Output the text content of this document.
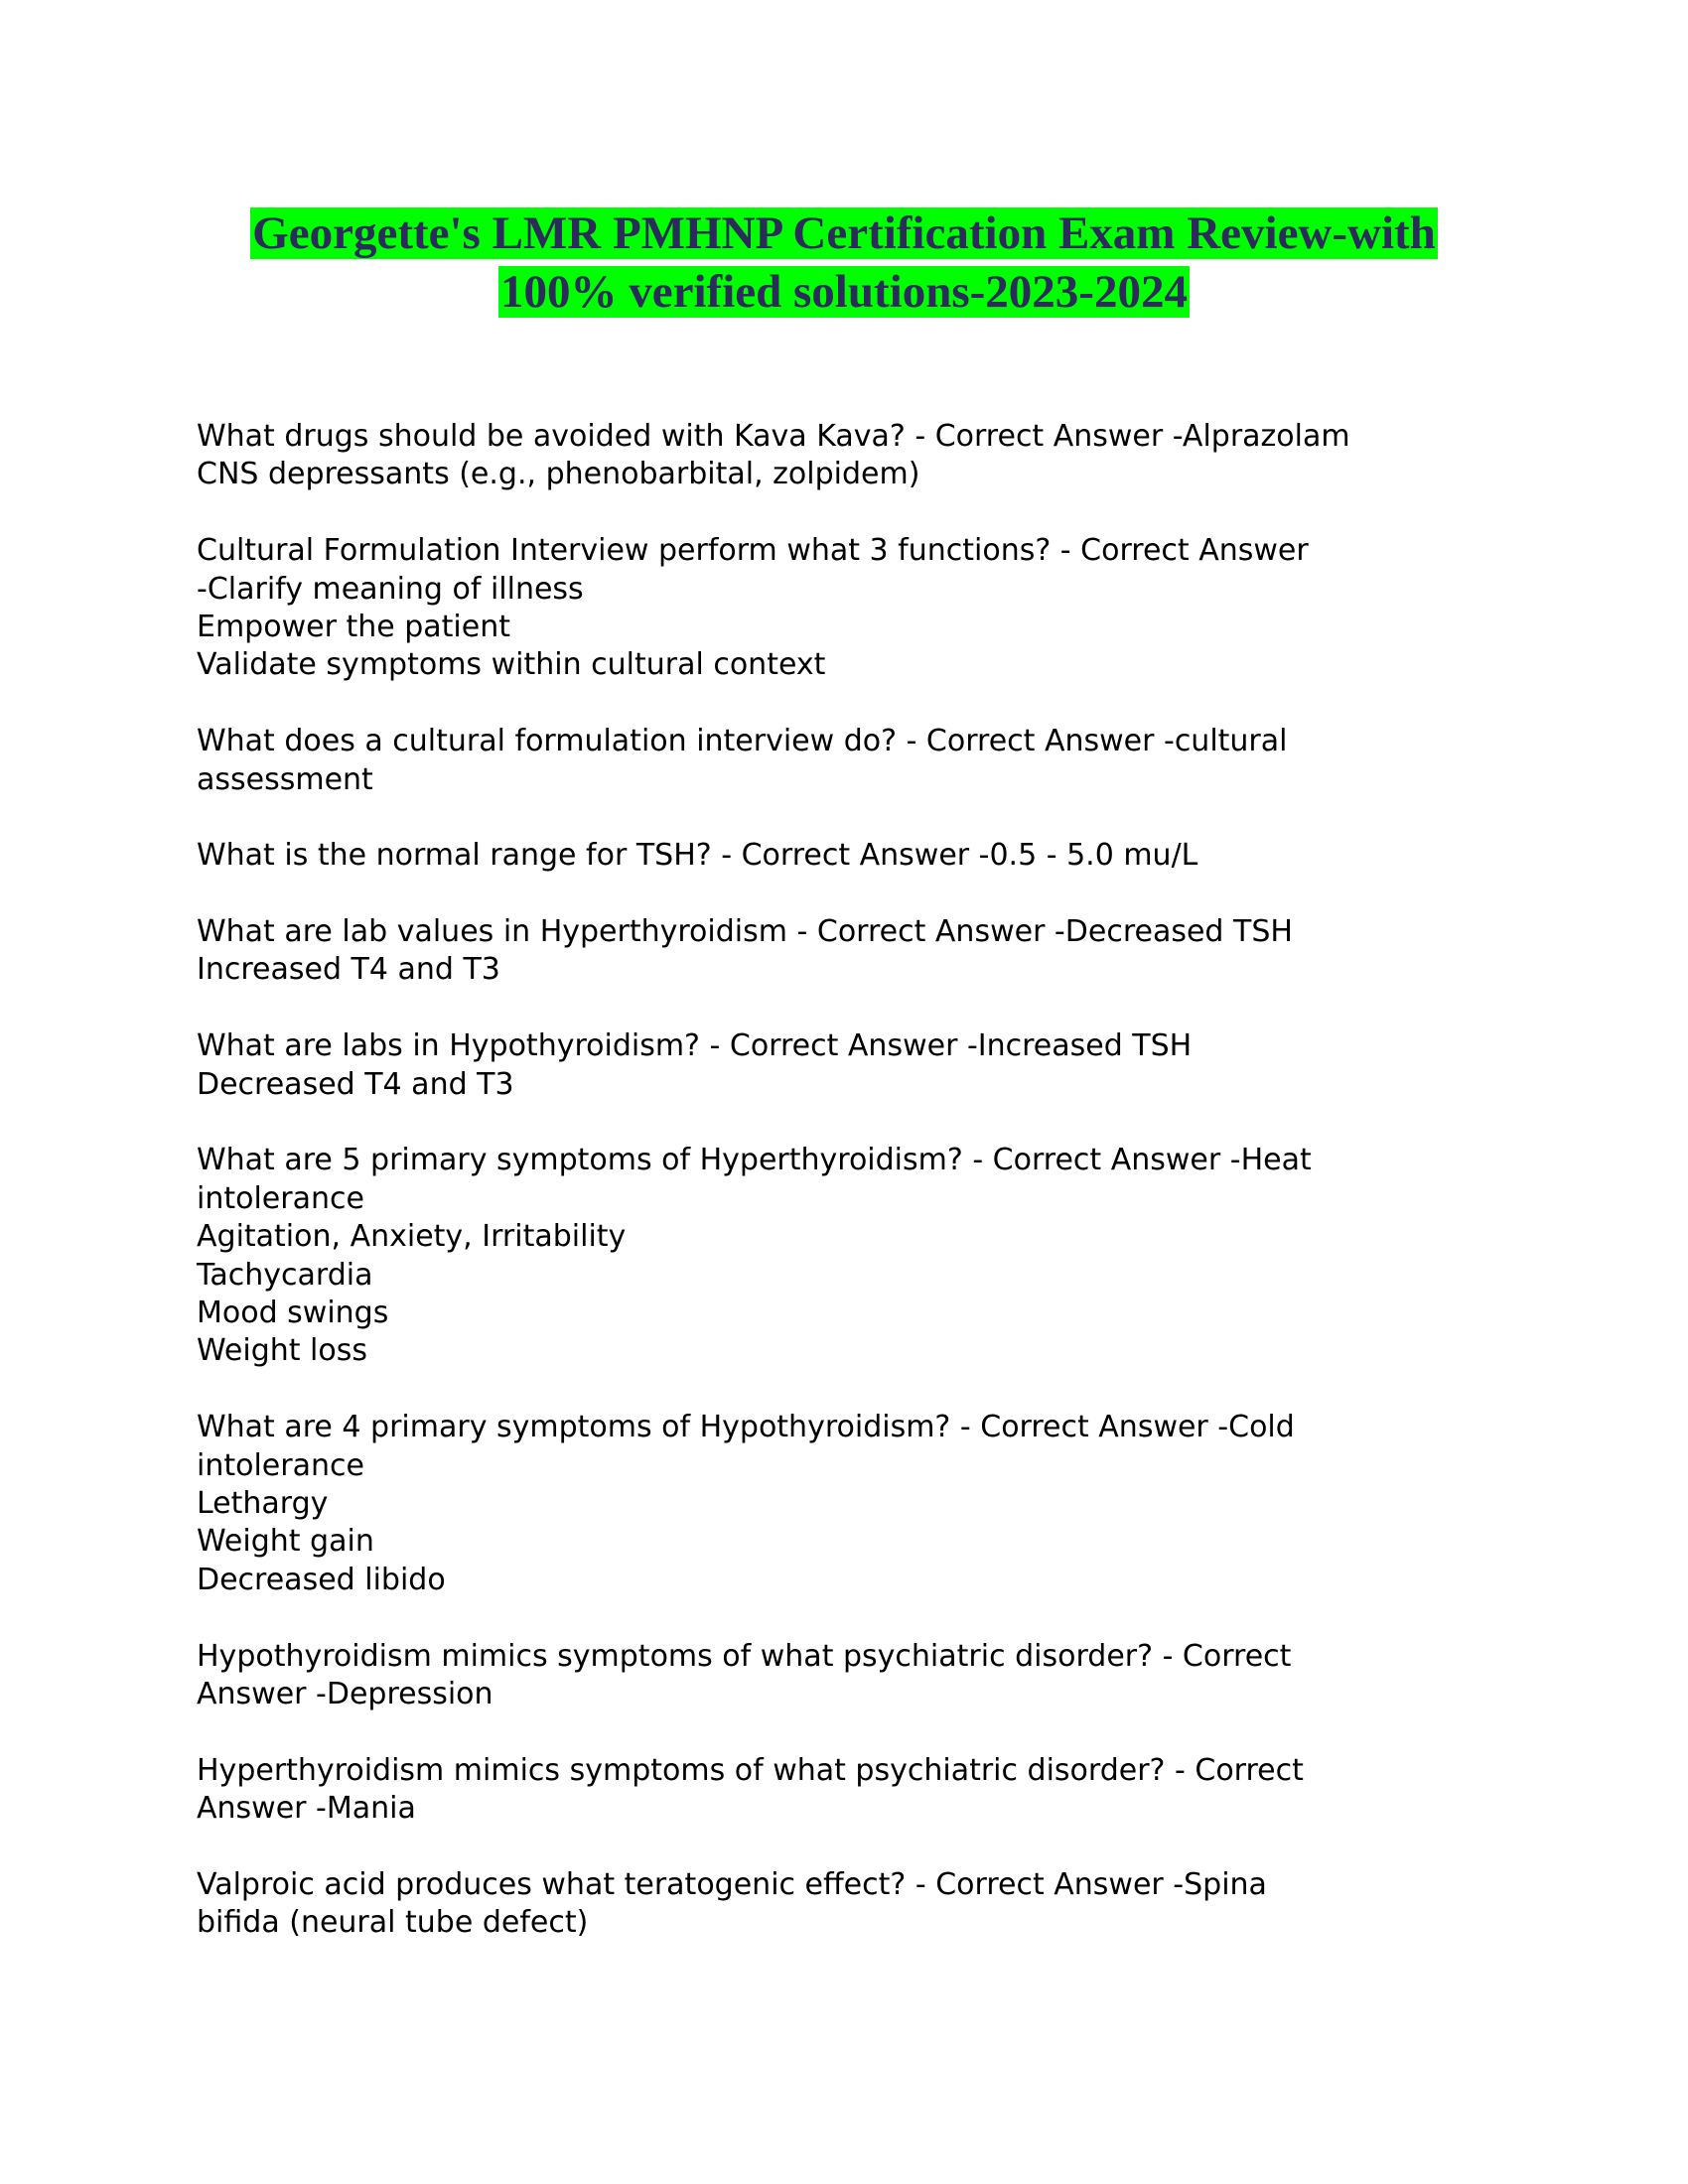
Georgette's LMR PMHNP Certification Exam Review-with
100% verified solutions-2023-2024
What drugs should be avoided with Kava Kava? - Correct Answer -Alprazolam
CNS depressants (e.g., phenobarbital, zolpidem)
Cultural Formulation Interview perform what 3 functions? - Correct Answer
-Clarify meaning of illness
Empower the patient
Validate symptoms within cultural context
What does a cultural formulation interview do? - Correct Answer -cultural
assessment
What is the normal range for TSH? - Correct Answer -0.5 - 5.0 mu/L
What are lab values in Hyperthyroidism - Correct Answer -Decreased TSH
Increased T4 and T3
What are labs in Hypothyroidism? - Correct Answer -Increased TSH
Decreased T4 and T3
What are 5 primary symptoms of Hyperthyroidism? - Correct Answer -Heat
intolerance
Agitation, Anxiety, Irritability
Tachycardia
Mood swings
Weight loss
What are 4 primary symptoms of Hypothyroidism? - Correct Answer -Cold
intolerance
Lethargy
Weight gain
Decreased libido
Hypothyroidism mimics symptoms of what psychiatric disorder? - Correct
Answer -Depression
Hyperthyroidism mimics symptoms of what psychiatric disorder? - Correct
Answer -Mania
Valproic acid produces what teratogenic effect? - Correct Answer -Spina
bifida (neural tube defect)
